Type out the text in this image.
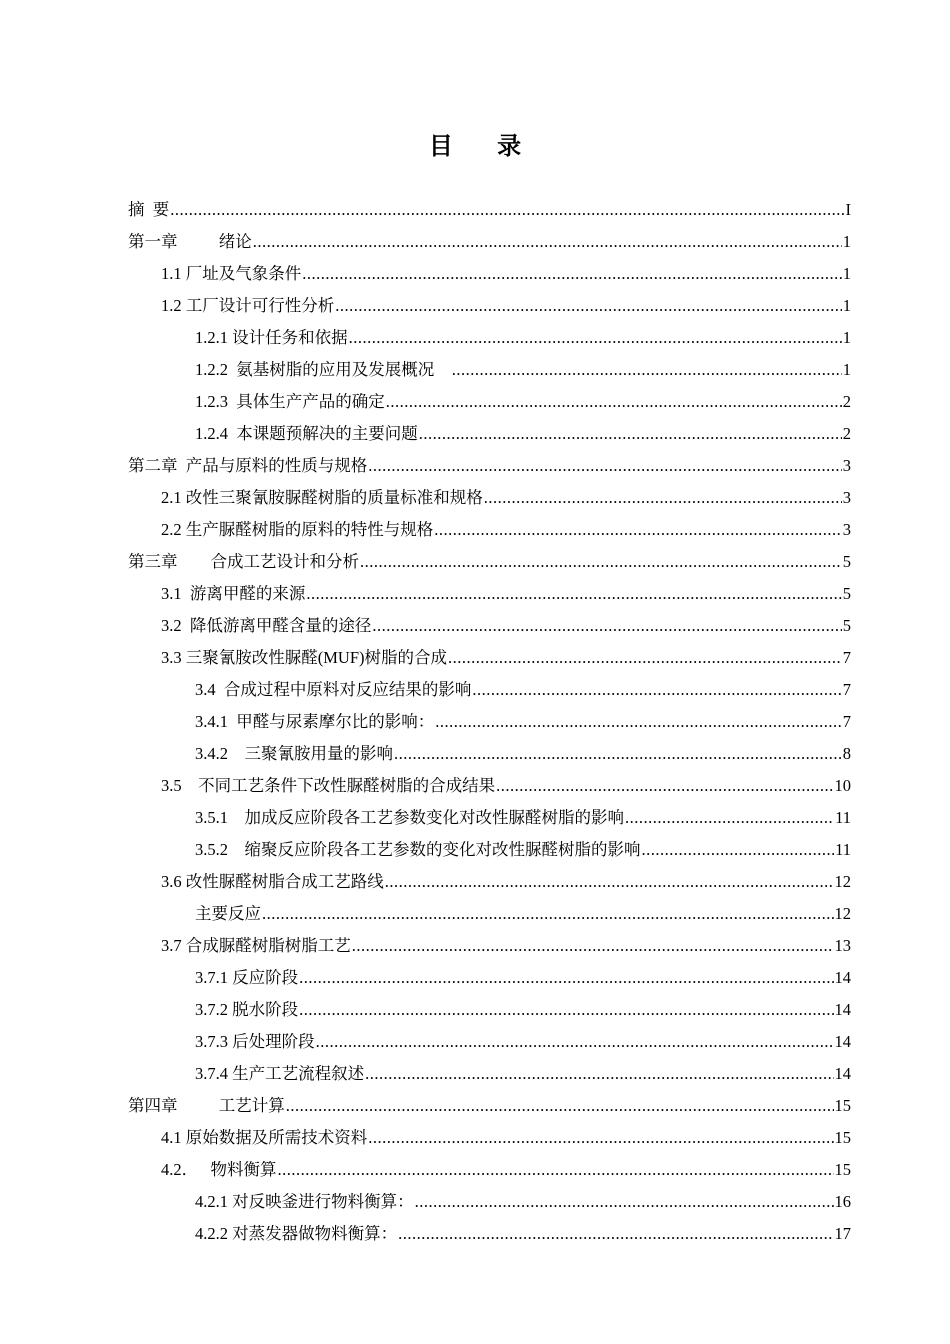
目 录
摘  要 .....	I
第一章          绪论 .....	1
1.1 厂址及气象条件 .....	1
1.2 工厂设计可行性分析 .....	1
1.2.1 设计任务和依据 .....	1
1.2.2  氨基树脂的应用及发展概况 .....	1
1.2.3  具体生产产品的确定 .....	2
1.2.4  本课题预解决的主要问题 .....	2
第二章  产品与原料的性质与规格 .....	3
2.1 改性三聚氰胺脲醛树脂的质量标准和规格 .....	3
2.2 生产脲醛树脂的原料的特性与规格 .....	3
第三章        合成工艺设计和分析 .....	5
3.1  游离甲醛的来源 .....	5
3.2  降低游离甲醛含量的途径 .....	5
3.3 三聚氰胺改性脲醛(MUF)树脂的合成 .....	7
3.4  合成过程中原料对反应结果的影响 .....	7
3.4.1  甲醛与尿素摩尔比的影响： .....	7
3.4.2    三聚氰胺用量的影响 .....	8
3.5    不同工艺条件下改性脲醛树脂的合成结果 .....	10
3.5.1    加成反应阶段各工艺参数变化对改性脲醛树脂的影响 .....	11
3.5.2    缩聚反应阶段各工艺参数的变化对改性脲醛树脂的影响 .....	11
3.6 改性脲醛树脂合成工艺路线 .....	12
主要反应 .....	12
3.7 合成脲醛树脂树脂工艺 .....	13
3.7.1 反应阶段 .....	14
3.7.2 脱水阶段 .....	14
3.7.3 后处理阶段 .....	14
3.7.4 生产工艺流程叙述 .....	14
第四章          工艺计算 .....	15
4.1 原始数据及所需技术资料 .....	15
4.2．   物料衡算 .....	15
4.2.1 对反映釜进行物料衡算： .....	16
4.2.2 对蒸发器做物料衡算： .....	17
